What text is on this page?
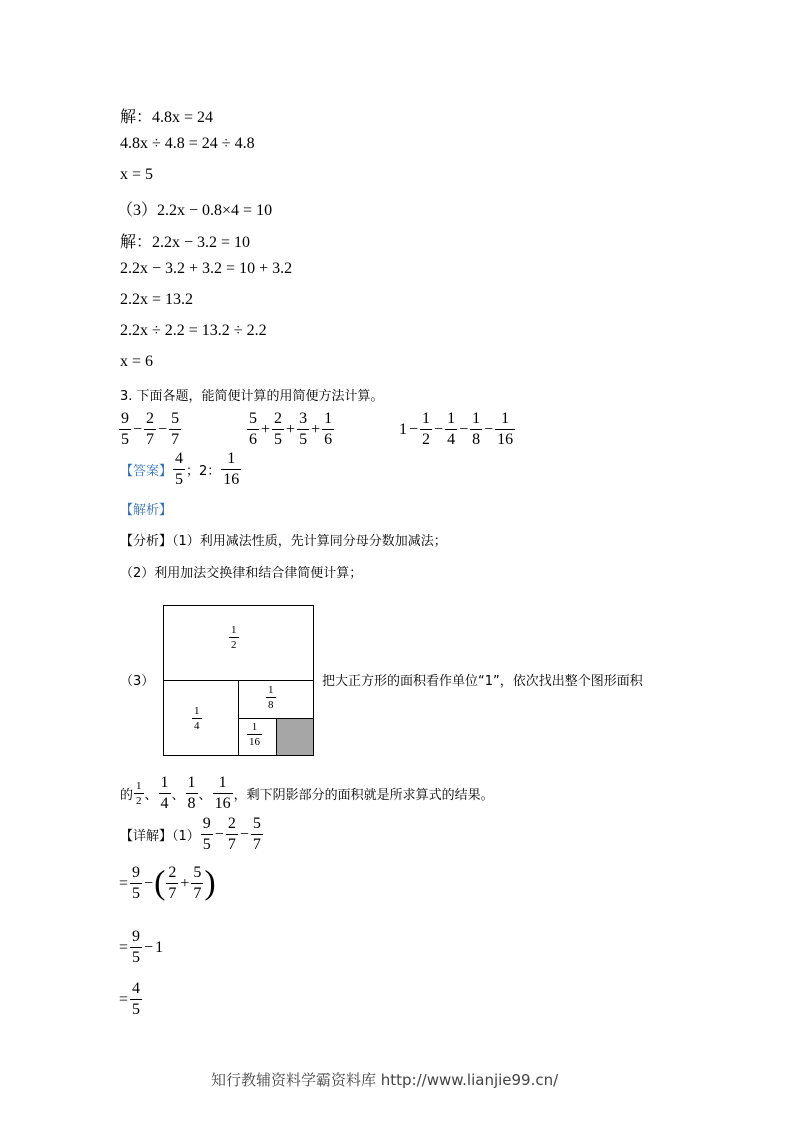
解：4.8x = 24
4.8x ÷ 4.8 = 24 ÷ 4.8
x = 5
（3）2.2x − 0.8×4 = 10
解：2.2x − 3.2 = 10
2.2x − 3.2 + 3.2 = 10 + 3.2
2.2x = 13.2
2.2x ÷ 2.2 = 13.2 ÷ 2.2
x = 6
3. 下面各题，能简便计算的用简便方法计算。
$\frac{9}{5} - \frac{2}{7} - \frac{5}{7}$	$\frac{5}{6} + \frac{2}{5} + \frac{3}{5} + \frac{1}{6}$	$1 - \frac{1}{2} - \frac{1}{4} - \frac{1}{8} - \frac{1}{16}$
【答案】 $\frac{4}{5}$ ；2： $\frac{1}{16}$
【解析】
【分析】（1）利用减法性质，先计算同分母分数加减法；
（2）利用加法交换律和结合律简便计算；
（3）
$\frac{1}{2}$
$\frac{1}{4}$
$\frac{1}{8}$
$\frac{1}{16}$
把大正方形的面积看作单位“1”，依次找出整个图形面积
的 $\frac{1}{2}$ 、 $\frac{1}{4}$ 、 $\frac{1}{8}$ 、 $\frac{1}{16}$ ，剩下阴影部分的面积就是所求算式的结果。
【详解】$(1) \frac{9}{5} - \frac{2}{7} - \frac{5}{7}$
= $\frac{9}{5}$ −( $\frac{2}{7} + \frac{5}{7}$ )
= $\frac{9}{5} - 1$
= $\frac{4}{5}$
知行教辅资料学霸资料库 http://www.lianjie99.cn/
